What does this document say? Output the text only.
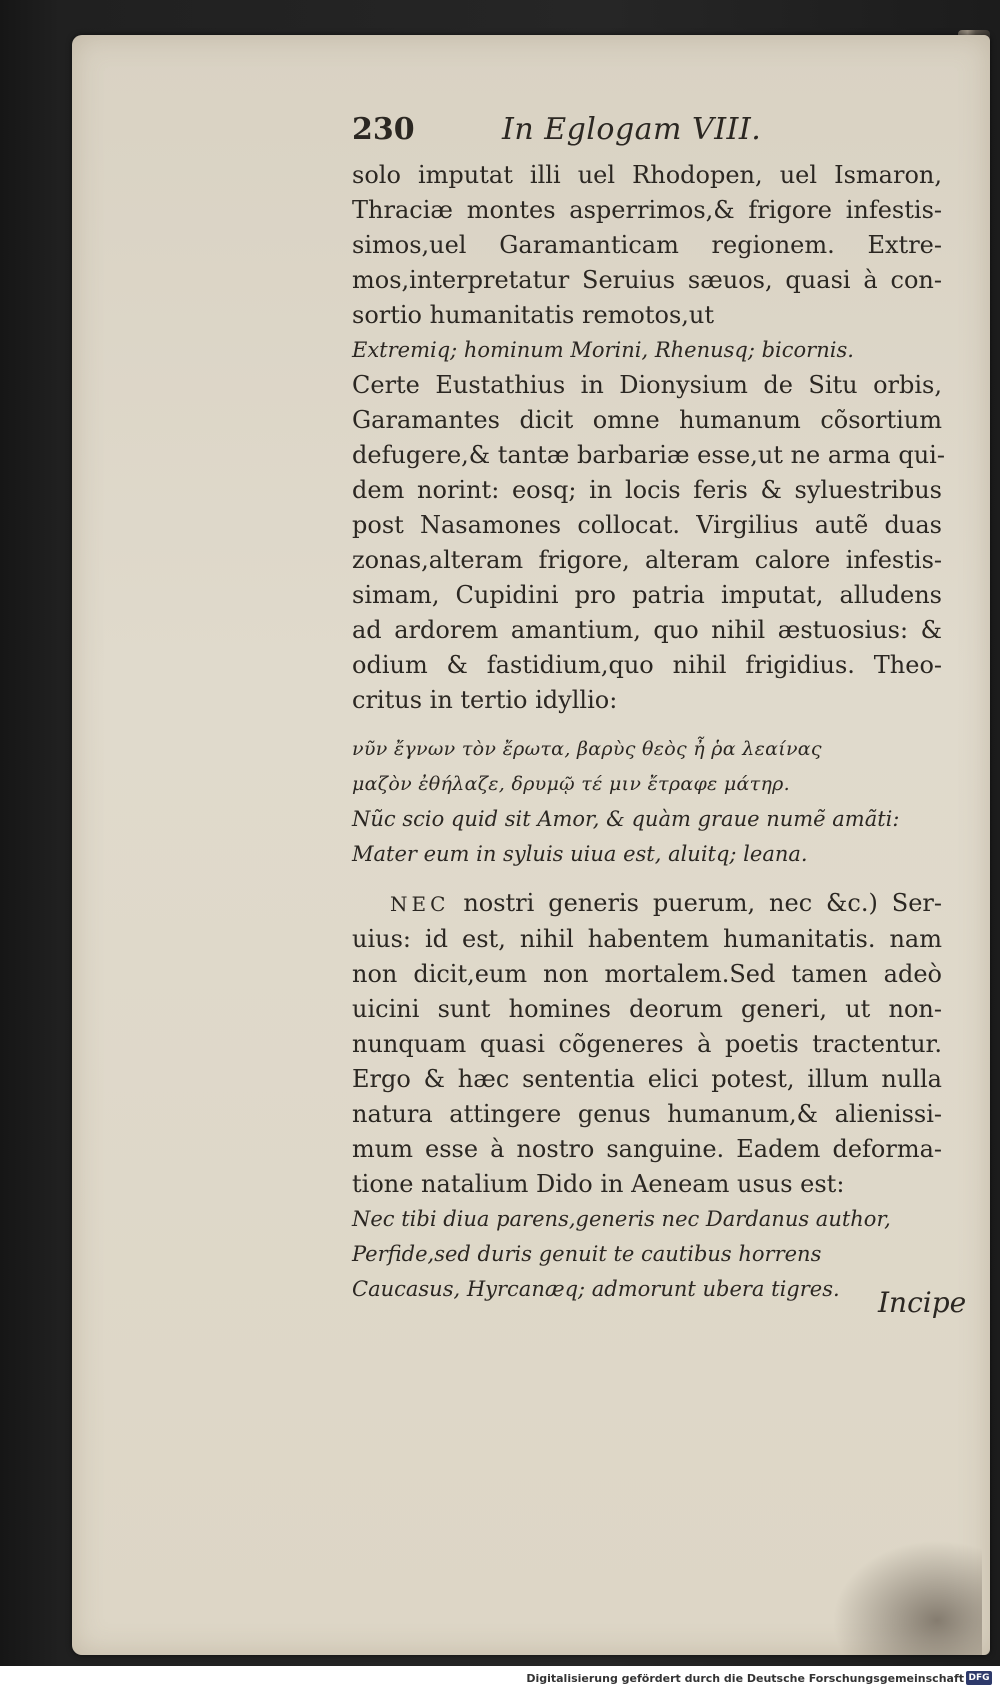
230	In Eglogam VIII.
solo imputat illi uel Rhodopen, uel Ismaron,
Thraciæ montes asperrimos,& frigore infestis-
simos,uel Garamanticam regionem. Extre-
mos,interpretatur Seruius sæuos, quasi à con-
sortio humanitatis remotos,ut
Extremiq; hominum Morini, Rhenusq; bicornis.
Certe Eustathius in Dionysium de Situ orbis,
Garamantes dicit omne humanum cõsortium
defugere,& tantæ barbariæ esse,ut ne arma qui-
dem norint: eosq; in locis feris & syluestribus
post Nasamones collocat. Virgilius autẽ duas
zonas,alteram frigore, alteram calore infestis-
simam, Cupidini pro patria imputat, alludens
ad ardorem amantium, quo nihil æstuosius: &
odium & fastidium,quo nihil frigidius. Theo-
critus in tertio idyllio:
νῦν ἔγνων τὸν ἔρωτα, βαρὺς θεὸς ἦ ῥα λεαίνας
μαζὸν ἐθήλαζε, δρυμῷ τέ μιν ἔτραφε μάτηρ.
Nũc scio quid sit Amor, & quàm graue numẽ amãti:
Mater eum in syluis uiua est, aluitq; leana.
NEC nostri generis puerum, nec &c.) Ser-
uius: id est, nihil habentem humanitatis. nam
non dicit,eum non mortalem.Sed tamen adeò
uicini sunt homines deorum generi, ut non-
nunquam quasi cõgeneres à poetis tractentur.
Ergo & hæc sententia elici potest, illum nulla
natura attingere genus humanum,& alienissi-
mum esse à nostro sanguine. Eadem deforma-
tione natalium Dido in Aeneam usus est:
Nec tibi diua parens,generis nec Dardanus author,
Perfide,sed duris genuit te cautibus horrens
Caucasus, Hyrcanæq; admorunt ubera tigres.	Incipe
Digitalisierung gefördert durch die Deutsche Forschungsgemeinschaft DFG
